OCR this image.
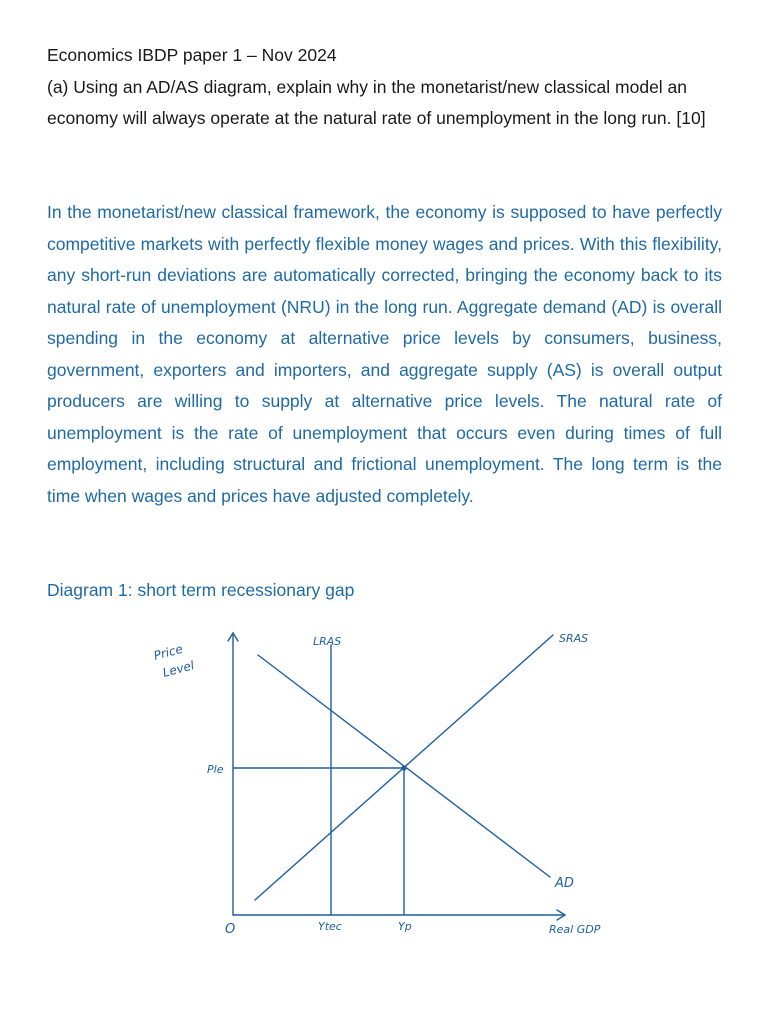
Economics IBDP paper 1 – Nov 2024

(a) Using an AD/AS diagram, explain why in the monetarist/new classical model an economy will always operate at the natural rate of unemployment in the long run. [10]

In the monetarist/new classical framework, the economy is supposed to have perfectly competitive markets with perfectly flexible money wages and prices. With this flexibility, any short-run deviations are automatically corrected, bringing the economy back to its natural rate of unemployment (NRU) in the long run. Aggregate demand (AD) is overall spending in the economy at alternative price levels by consumers, business, government, exporters and importers, and aggregate supply (AS) is overall output producers are willing to supply at alternative price levels. The natural rate of unemployment is the rate of unemployment that occurs even during times of full employment, including structural and frictional unemployment. The long term is the time when wages and prices have adjusted completely.

Diagram 1: short term recessionary gap

Price
Level
LRAS	SRAS
AD
Ple
O	Ytec	Yp	Real GDP
